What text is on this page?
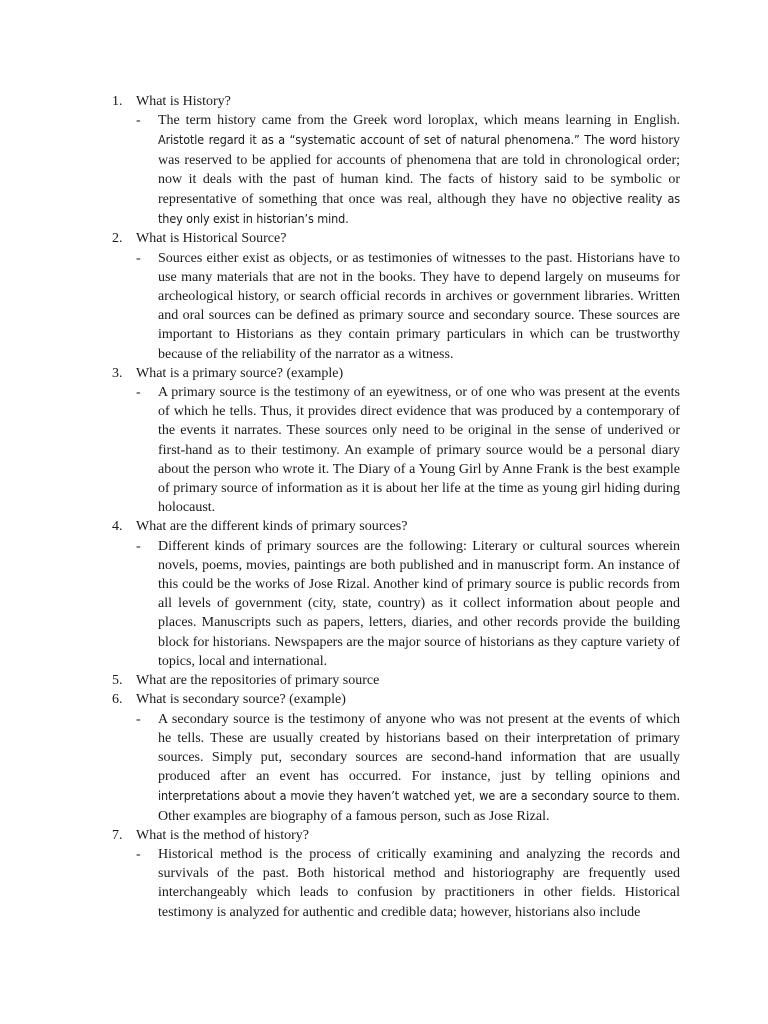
1. What is History?
- The term history came from the Greek word loroplax, which means learning in English. Aristotle regard it as a “systematic account of set of natural phenomena.” The word history was reserved to be applied for accounts of phenomena that are told in chronological order; now it deals with the past of human kind. The facts of history said to be symbolic or representative of something that once was real, although they have no objective reality as they only exist in historian’s mind.
2. What is Historical Source?
- Sources either exist as objects, or as testimonies of witnesses to the past. Historians have to use many materials that are not in the books. They have to depend largely on museums for archeological history, or search official records in archives or government libraries. Written and oral sources can be defined as primary source and secondary source. These sources are important to Historians as they contain primary particulars in which can be trustworthy because of the reliability of the narrator as a witness.
3. What is a primary source? (example)
- A primary source is the testimony of an eyewitness, or of one who was present at the events of which he tells. Thus, it provides direct evidence that was produced by a contemporary of the events it narrates. These sources only need to be original in the sense of underived or first-hand as to their testimony. An example of primary source would be a personal diary about the person who wrote it. The Diary of a Young Girl by Anne Frank is the best example of primary source of information as it is about her life at the time as young girl hiding during holocaust.
4. What are the different kinds of primary sources?
- Different kinds of primary sources are the following: Literary or cultural sources wherein novels, poems, movies, paintings are both published and in manuscript form. An instance of this could be the works of Jose Rizal. Another kind of primary source is public records from all levels of government (city, state, country) as it collect information about people and places. Manuscripts such as papers, letters, diaries, and other records provide the building block for historians. Newspapers are the major source of historians as they capture variety of topics, local and international.
5. What are the repositories of primary source
6. What is secondary source? (example)
- A secondary source is the testimony of anyone who was not present at the events of which he tells. These are usually created by historians based on their interpretation of primary sources. Simply put, secondary sources are second-hand information that are usually produced after an event has occurred. For instance, just by telling opinions and interpretations about a movie they haven’t watched yet, we are a secondary source to them. Other examples are biography of a famous person, such as Jose Rizal.
7. What is the method of history?
- Historical method is the process of critically examining and analyzing the records and survivals of the past. Both historical method and historiography are frequently used interchangeably which leads to confusion by practitioners in other fields. Historical testimony is analyzed for authentic and credible data; however, historians also include
